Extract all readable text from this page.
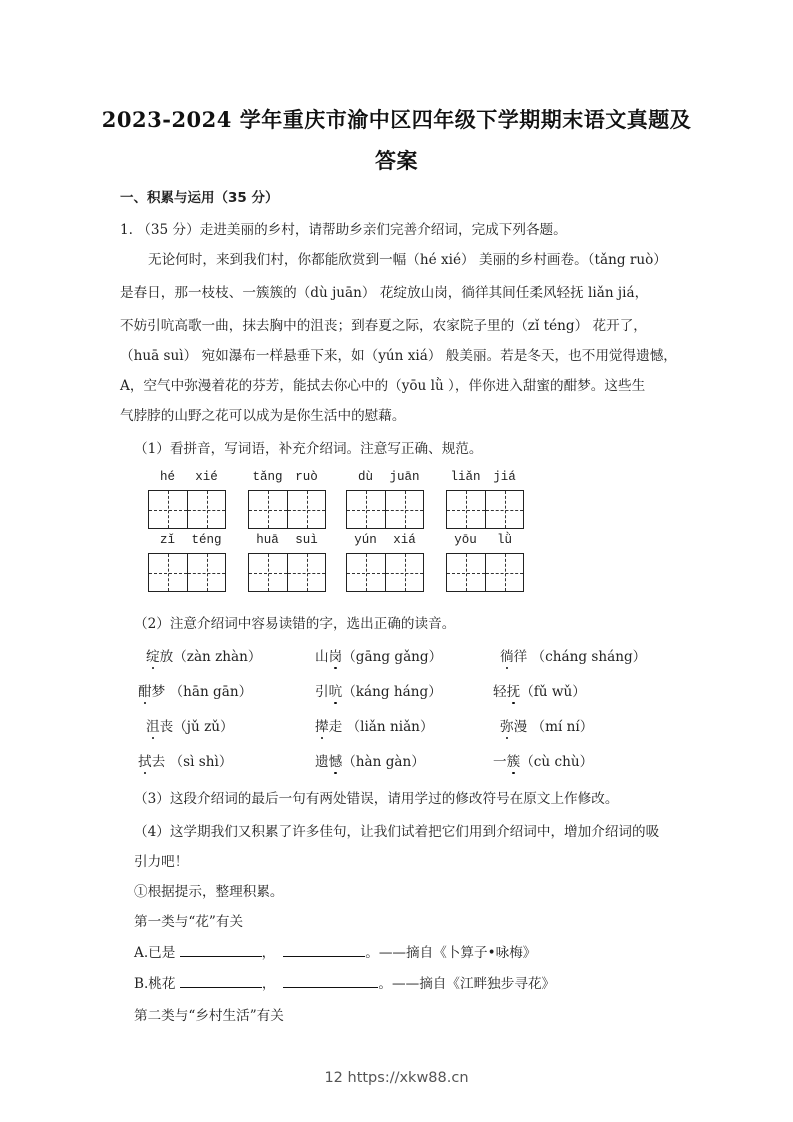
2023-2024 学年重庆市渝中区四年级下学期期末语文真题及
答案
一、积累与运用（35 分）
1. （35 分）走进美丽的乡村，请帮助乡亲们完善介绍词，完成下列各题。
无论何时，来到我们村，你都能欣赏到一幅（hé xié） 美丽的乡村画卷。（tǎng ruò）
是春日，那一枝枝、一簇簇的（dù juān） 花绽放山岗，徜徉其间任柔风轻抚 liǎn jiá，
不妨引吭高歌一曲，抹去胸中的沮丧；到春夏之际，农家院子里的（zǐ téng） 花开了，
（huā suì） 宛如瀑布一样悬垂下来，如（yún xiá） 般美丽。若是冬天，也不用觉得遗憾，
A，空气中弥漫着花的芬芳，能拭去你心中的（yōu lǜ ），伴你进入甜蜜的酣梦。这些生
气脖脖的山野之花可以成为是你生活中的慰藉。
（1）看拼音，写词语，补充介绍词。注意写正确、规范。
hé	xié	tǎng	ruò	dù	juān	liǎn	jiá
zǐ	téng	huā	suì	yún	xiá	yōu	lǜ
（2）注意介绍词中容易读错的字，选出正确的读音。
绽放（zàn zhàn）	山岗（gāng gǎng）	徜徉 （cháng sháng）
酣梦 （hān gān）	引吭（káng háng）	轻抚（fǔ wǔ）
沮丧（jǔ zǔ）	撵走 （liǎn niǎn）	弥漫 （mí ní）
拭去 （sì shì）	遗憾（hàn gàn）	一簇（cù chù）
（3）这段介绍词的最后一句有两处错误，请用学过的修改符号在原文上作修改。
（4）这学期我们又积累了许多佳句，让我们试着把它们用到介绍词中，增加介绍词的吸
引力吧！
①根据提示，整理积累。
第一类与“花”有关
A.已是	，	。——摘自《卜算子•咏梅》
B.桃花	，	。——摘自《江畔独步寻花》
第二类与“乡村生活”有关
12 https://xkw88.cn
